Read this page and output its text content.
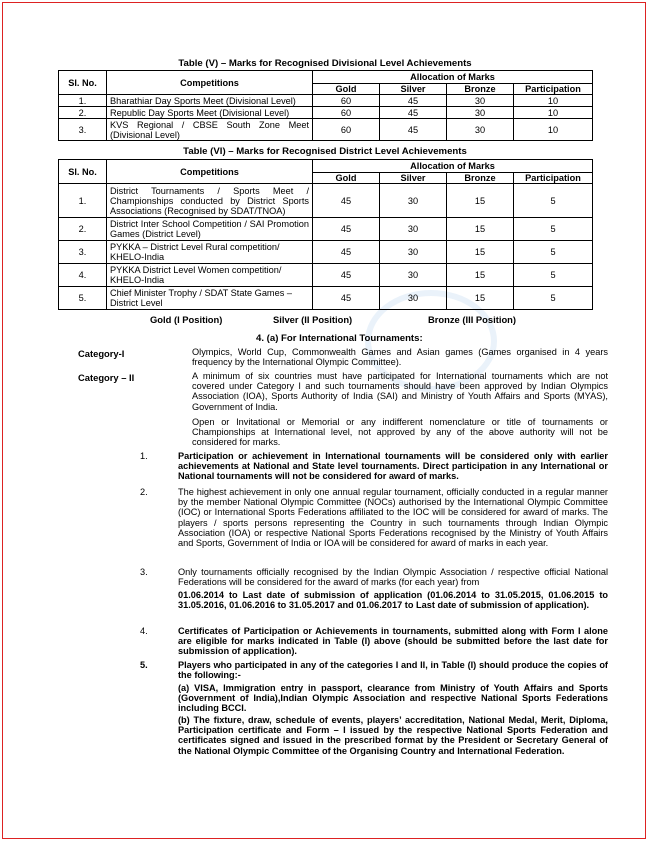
Table (V) – Marks for Recognised Divisional Level Achievements
Sl. No.	Competitions	Allocation of Marks			
		Gold	Silver	Bronze	Participation
1.	Bharathiar Day Sports Meet (Divisional Level)	60	45	30	10
2.	Republic Day Sports Meet (Divisional Level)	60	45	30	10
3.	KVS Regional / CBSE South Zone Meet (Divisional Level)	60	45	30	10
Table (VI) – Marks for Recognised District Level Achievements
Sl. No.	Competitions	Allocation of Marks			
		Gold	Silver	Bronze	Participation
1.	District Tournaments / Sports Meet / Championships conducted by District Sports Associations (Recognised by SDAT/TNOA)	45	30	15	5
2.	District Inter School Competition / SAI Promotion Games (District Level)	45	30	15	5
3.	PYKKA – District Level Rural competition/ KHELO-India	45	30	15	5
4.	PYKKA District Level Women competition/ KHELO-India	45	30	15	5
5.	Chief Minister Trophy / SDAT State Games – District Level	45	30	15	5
Gold (I Position)	Silver (II Position)	Bronze (III Position)
4. (a) For International Tournaments:
Category-I	Olympics, World Cup, Commonwealth Games and Asian games (Games organised in 4 years frequency by the International Olympic Committee).
Category – II	A minimum of six countries must have participated for International tournaments which are not covered under Category I and such tournaments should have been approved by Indian Olympics Association (IOA), Sports Authority of India (SAI) and Ministry of Youth Affairs and Sports (MYAS), Government of India.
Open or Invitational or Memorial or any indifferent nomenclature or title of tournaments or Championships at International level, not approved by any of the above authority will not be considered for marks.
1.	Participation or achievement in International tournaments will be considered only with earlier achievements at National and State level tournaments. Direct participation in any International or National tournaments will not be considered for award of marks.
2.	The highest achievement in only one annual regular tournament, officially conducted in a regular manner by the member National Olympic Committee (NOCs) authorised by the International Olympic Committee (IOC) or International Sports Federations affiliated to the IOC will be considered for award of marks. The players / sports persons representing the Country in such tournaments through Indian Olympic Association (IOA) or respective National Sports Federations recognised by the Ministry of Youth Affairs and Sports, Government of India or IOA will be considered for award of marks in each year.
3.	Only tournaments officially recognised by the Indian Olympic Association / respective official National Federations will be considered for the award of marks (for each year) from
01.06.2014 to Last date of submission of application (01.06.2014 to 31.05.2015, 01.06.2015 to 31.05.2016, 01.06.2016 to 31.05.2017 and 01.06.2017 to Last date of submission of application).
4.	Certificates of Participation or Achievements in tournaments, submitted along with Form I alone are eligible for marks indicated in Table (I) above (should be submitted before the last date for submission of application).
5.	Players who participated in any of the categories I and II, in Table (I) should produce the copies of the following:-
(a) VISA, Immigration entry in passport, clearance from Ministry of Youth Affairs and Sports (Government of India),Indian Olympic Association and respective National Sports Federations including BCCI.
(b) The fixture, draw, schedule of events, players’ accreditation, National Medal, Merit, Diploma, Participation certificate and Form – I issued by the respective National Sports Federation and certificates signed and issued in the prescribed format by the President or Secretary General of the National Olympic Committee of the Organising Country and International Federation.
